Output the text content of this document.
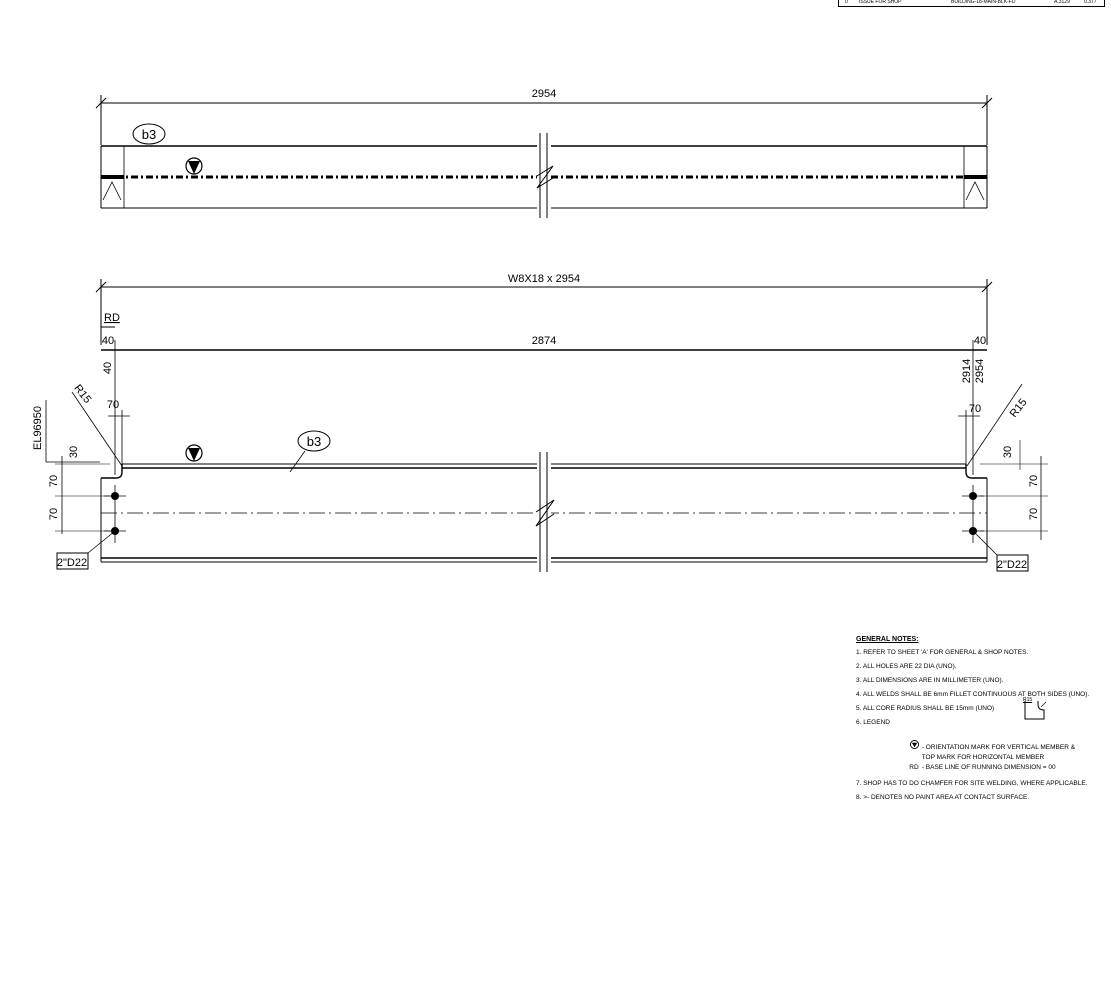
0 ISSUE FOR SHOP	BUILDING-18-MAIN-BLK-FD	A.3129	0.377
2954
b3
W8X18 x 2954
RD
40	2874	40
40	2914 2954
EL96950
R15
R15
70	70
30
70
70
30
70
70
b3
2"D22	2"D22
GENERAL NOTES:
1. REFER TO SHEET 'A' FOR GENERAL & SHOP NOTES.
2. ALL HOLES ARE 22 DIA (UNO).
3. ALL DIMENSIONS ARE IN MILLIMETER (UNO).
4. ALL WELDS SHALL BE 6mm FILLET CONTINUOUS AT BOTH SIDES (UNO).
5. ALL CORE RADIUS SHALL BE 15mm (UNO)
R15
6. LEGEND
- ORIENTATION MARK FOR VERTICAL MEMBER &
TOP MARK FOR HORIZONTAL MEMBER
RD - BASE LINE OF RUNNING DIMENSION = 00
7. SHOP HAS TO DO CHAMFER FOR SITE WELDING, WHERE APPLICABLE.
8. >- DENOTES NO PAINT AREA AT CONTACT SURFACE.
